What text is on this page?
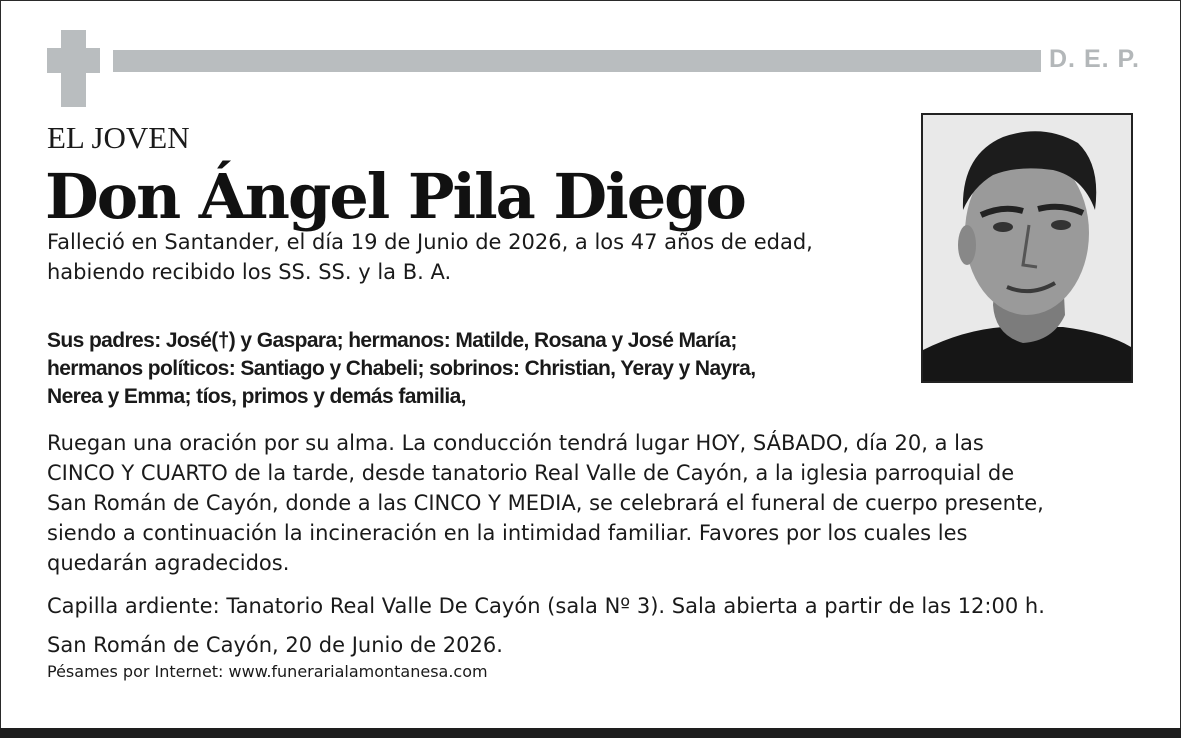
D. E. P.
EL JOVEN
Don Ángel Pila Diego
Falleció en Santander, el día 19 de Junio de 2026, a los 47 años de edad,
habiendo recibido los SS. SS. y la B. A.
Sus padres: José(†) y Gaspara; hermanos: Matilde, Rosana y José María;
hermanos políticos: Santiago y Chabeli; sobrinos: Christian, Yeray y Nayra,
Nerea y Emma; tíos, primos y demás familia,
Ruegan una oración por su alma. La conducción tendrá lugar HOY, SÁBADO, día 20, a las
CINCO Y CUARTO de la tarde, desde tanatorio Real Valle de Cayón, a la iglesia parroquial de
San Román de Cayón, donde a las CINCO Y MEDIA, se celebrará el funeral de cuerpo presente,
siendo a continuación la incineración en la intimidad familiar. Favores por los cuales les
quedarán agradecidos.
Capilla ardiente: Tanatorio Real Valle De Cayón (sala Nº 3). Sala abierta a partir de las 12:00 h.
San Román de Cayón, 20 de Junio de 2026.
Pésames por Internet: www.funerarialamontanesa.com
